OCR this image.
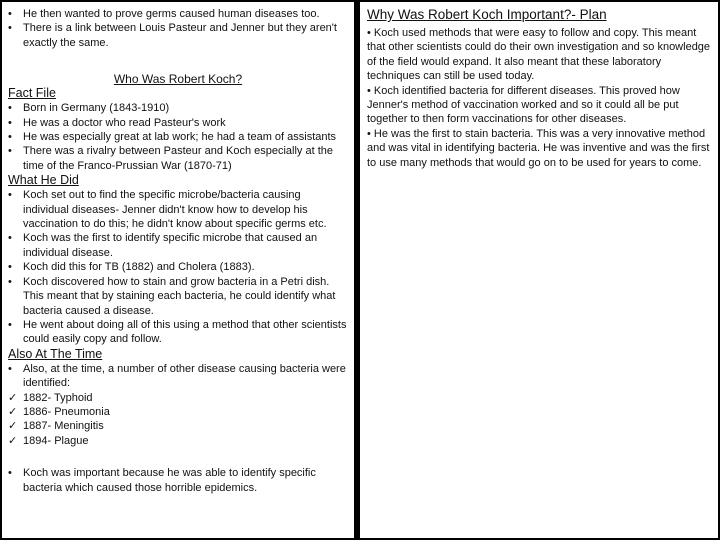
• He then wanted to prove germs caused human diseases too.
• There is a link between Louis Pasteur and Jenner but they aren't exactly the same.
Who Was Robert Koch?
Fact File
• Born in Germany (1843-1910)
• He was a doctor who read Pasteur's work
• He was especially great at lab work; he had a team of assistants
• There was a rivalry between Pasteur and Koch especially at the time of the Franco-Prussian War (1870-71)
What He Did
• Koch set out to find the specific microbe/bacteria causing individual diseases- Jenner didn't know how to develop his vaccination to do this; he didn't know about specific germs etc.
• Koch was the first to identify specific microbe that caused an individual disease.
• Koch did this for TB (1882) and Cholera (1883).
• Koch discovered how to stain and grow bacteria in a Petri dish. This meant that by staining each bacteria, he could identify what bacteria caused a disease.
• He went about doing all of this using a method that other scientists could easily copy and follow.
Also At The Time
• Also, at the time, a number of other disease causing bacteria were identified:
✓ 1882- Typhoid
✓ 1886- Pneumonia
✓ 1887- Meningitis
✓ 1894- Plague
• Koch was important because he was able to identify specific bacteria which caused those horrible epidemics.
Why Was Robert Koch Important?- Plan

• Koch used methods that were easy to follow and copy. This meant that other scientists could do their own investigation and so knowledge of the field would expand. It also meant that these laboratory techniques can still be used today.

• Koch identified bacteria for different diseases. This proved how Jenner's method of vaccination worked and so it could all be put together to then form vaccinations for other diseases.

• He was the first to stain bacteria. This was a very innovative method and was vital in identifying bacteria. He was inventive and was the first to use many methods that would go on to be used for years to come.
